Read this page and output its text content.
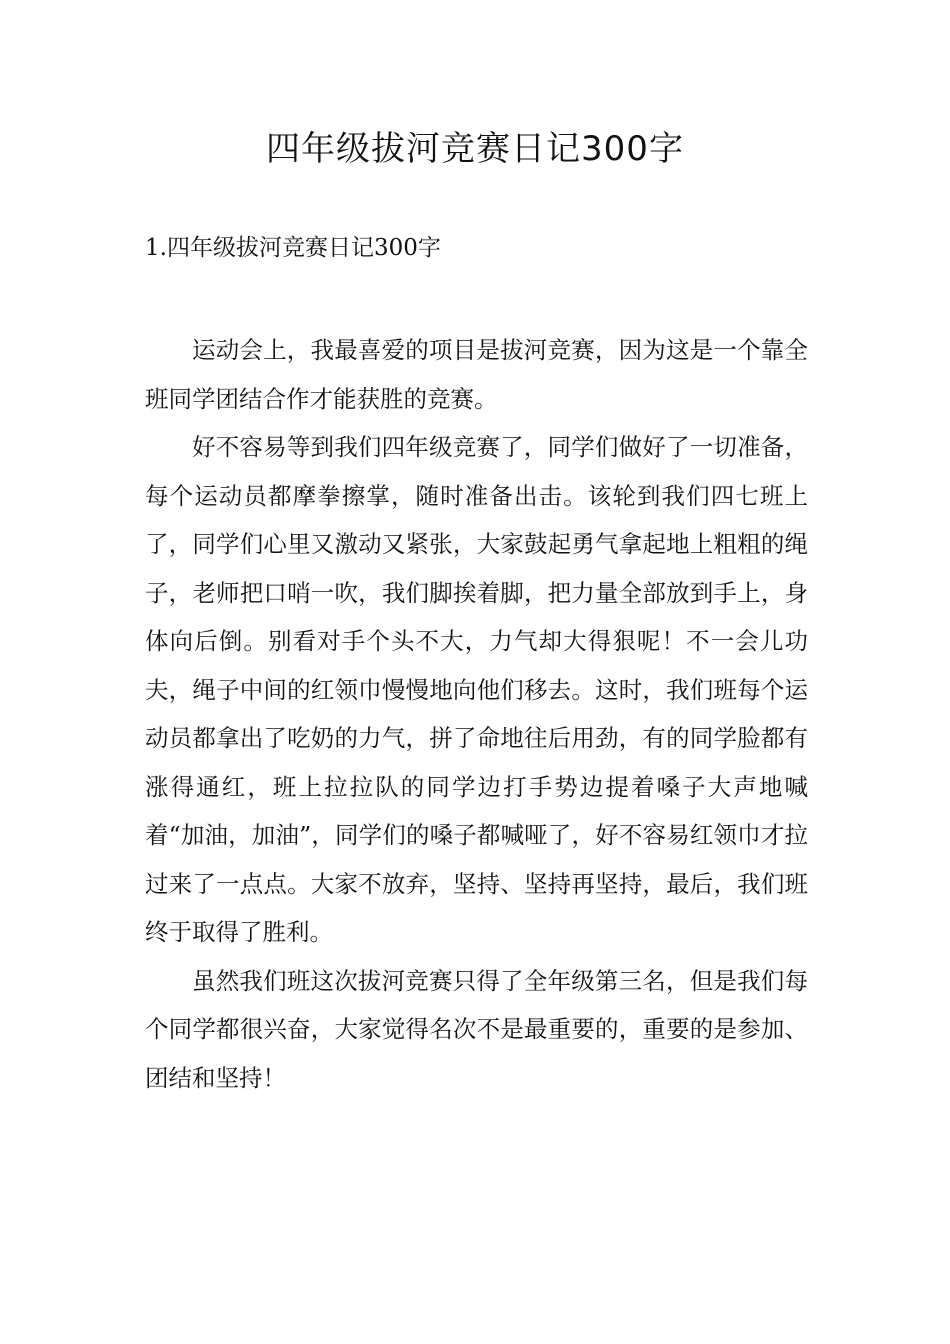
四年级拔河竞赛日记300字
1.四年级拔河竞赛日记300字

运动会上，我最喜爱的项目是拔河竞赛，因为这是一个靠全班同学团结合作才能获胜的竞赛。

好不容易等到我们四年级竞赛了，同学们做好了一切准备，每个运动员都摩拳擦掌，随时准备出击。该轮到我们四七班上了，同学们心里又激动又紧张，大家鼓起勇气拿起地上粗粗的绳子，老师把口哨一吹，我们脚挨着脚，把力量全部放到手上，身体向后倒。别看对手个头不大，力气却大得狠呢！不一会儿功夫，绳子中间的红领巾慢慢地向他们移去。这时，我们班每个运动员都拿出了吃奶的力气，拼了命地往后用劲，有的同学脸都有涨得通红，班上拉拉队的同学边打手势边提着嗓子大声地喊着“加油，加油”，同学们的嗓子都喊哑了，好不容易红领巾才拉过来了一点点。大家不放弃，坚持、坚持再坚持，最后，我们班终于取得了胜利。

虽然我们班这次拔河竞赛只得了全年级第三名，但是我们每个同学都很兴奋，大家觉得名次不是最重要的，重要的是参加、团结和坚持！
